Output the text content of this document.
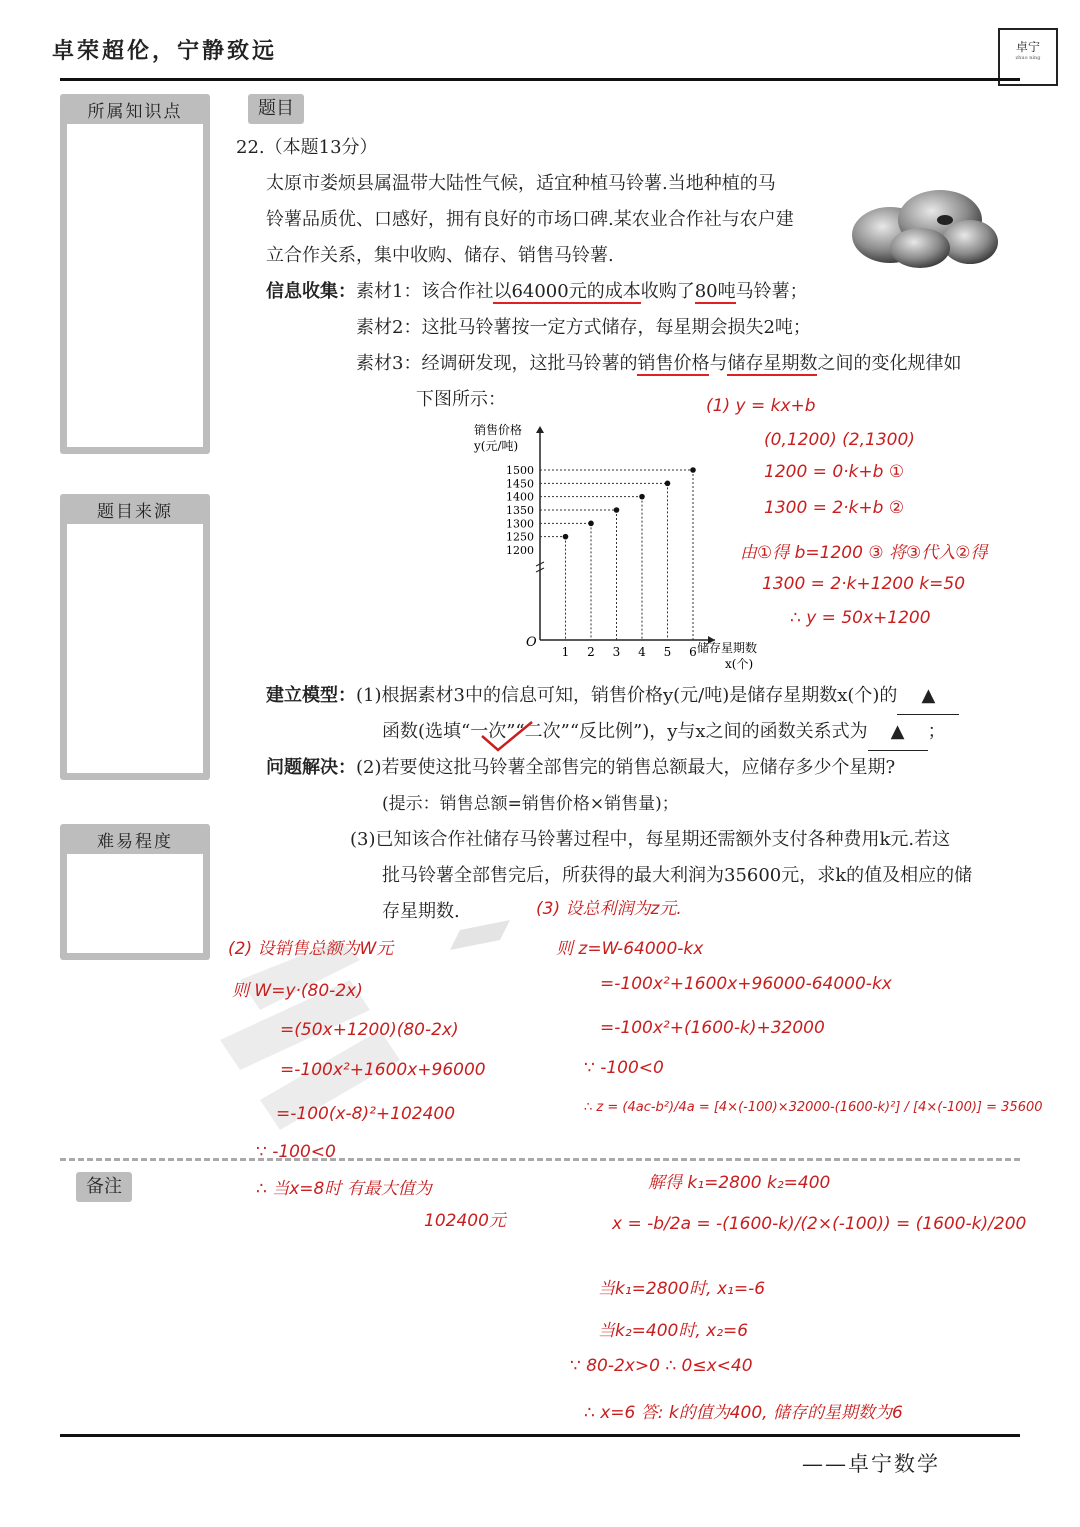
卓荣超伦，宁静致远	卓宁
zhuo ning
所属知识点
题目来源
难易程度
题目
22.（本题13分）
太原市娄烦县属温带大陆性气候，适宜种植马铃薯.当地种植的马
铃薯品质优、口感好，拥有良好的市场口碑.某农业合作社与农户建
立合作关系，集中收购、储存、销售马铃薯.
信息收集：素材1：该合作社以64000元的成本收购了80吨马铃薯；
素材2：这批马铃薯按一定方式储存，每星期会损失2吨；
素材3：经调研发现，这批马铃薯的销售价格与储存星期数之间的变化规律如
下图所示：
O
销售价格
y(元/吨)
储存星期数
x(个)
1200
1250
1300
1350
1400
1450
1500
1 2 3 4 5 6
(1) y = kx+b
(0,1200) (2,1300)
1200 = 0·k+b ①
1300 = 2·k+b ②
由①得 b=1200 ③ 将③代入②得
1300 = 2·k+1200 k=50
∴ y = 50x+1200
建立模型：(1)根据素材3中的信息可知，销售价格y(元/吨)是储存星期数x(个)的 ▲
函数(选填“一次”“二次”“反比例”)，y与x之间的函数关系式为 ▲ ；
问题解决：(2)若要使这批马铃薯全部售完的销售总额最大，应储存多少个星期?
(提示：销售总额=销售价格×销售量)；
(3)已知该合作社储存马铃薯过程中，每星期还需额外支付各种费用k元.若这
批马铃薯全部售完后，所获得的最大利润为35600元，求k的值及相应的储
存星期数.
(2) 设销售总额为W元
则 W=y·(80-2x)
=(50x+1200)(80-2x)
=-100x²+1600x+96000
=-100(x-8)²+102400
∵ -100<0
∴ 当x=8时 有最大值为
102400元
(3) 设总利润为z元.
则 z=W-64000-kx
=-100x²+1600x+96000-64000-kx
=-100x²+(1600-k)+32000
∵ -100<0
∴ z = (4ac-b²)/4a = [4×(-100)×32000-(1600-k)²] / [4×(-100)] = 35600
解得 k₁=2800 k₂=400
x = -b/2a = -(1600-k)/(2×(-100)) = (1600-k)/200
当k₁=2800时, x₁=-6
当k₂=400时, x₂=6
∵ 80-2x>0 ∴ 0≤x<40
∴ x=6 答: k的值为400, 储存的星期数为6
备注
——卓宁数学
